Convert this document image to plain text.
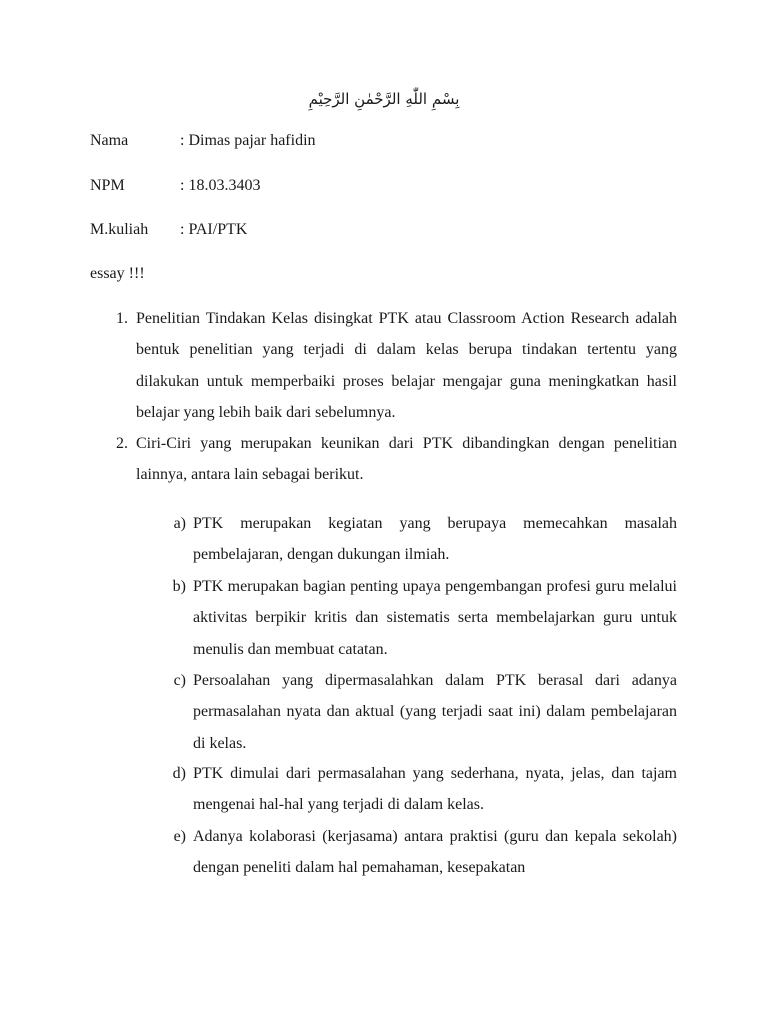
بِسْمِ اللّٰهِ الرَّحْمٰنِ الرَّحِيْمِ
Nama	: Dimas pajar hafidin
NPM	: 18.03.3403
M.kuliah : PAI/PTK
essay !!!
1. Penelitian Tindakan Kelas disingkat PTK atau Classroom Action Research adalah bentuk penelitian yang terjadi di dalam kelas berupa tindakan tertentu yang dilakukan untuk memperbaiki proses belajar mengajar guna meningkatkan hasil belajar yang lebih baik dari sebelumnya.
2. Ciri-Ciri yang merupakan keunikan dari PTK dibandingkan dengan penelitian lainnya, antara lain sebagai berikut.
a) PTK merupakan kegiatan yang berupaya memecahkan masalah pembelajaran, dengan dukungan ilmiah.
b) PTK merupakan bagian penting upaya pengembangan profesi guru melalui aktivitas berpikir kritis dan sistematis serta membelajarkan guru untuk menulis dan membuat catatan.
c) Persoalahan yang dipermasalahkan dalam PTK berasal dari adanya permasalahan nyata dan aktual (yang terjadi saat ini) dalam pembelajaran di kelas.
d) PTK dimulai dari permasalahan yang sederhana, nyata, jelas, dan tajam mengenai hal-hal yang terjadi di dalam kelas.
e) Adanya kolaborasi (kerjasama) antara praktisi (guru dan kepala sekolah) dengan peneliti dalam hal pemahaman, kesepakatan
